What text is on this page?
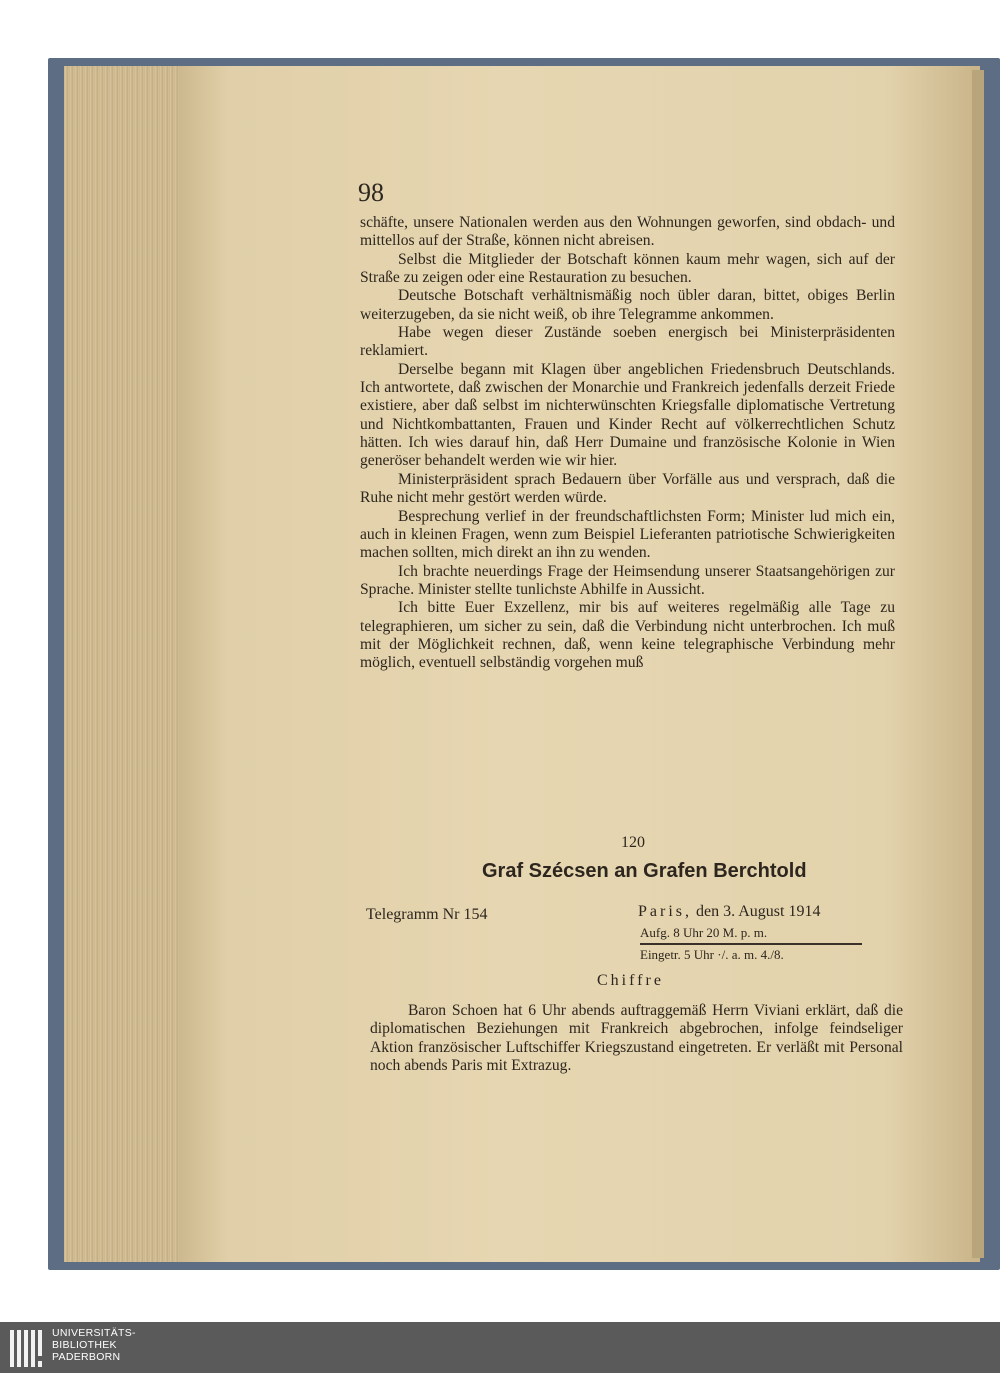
98

schäfte, unsere Nationalen werden aus den Wohnungen geworfen, sind obdach- und mittellos auf der Straße, können nicht abreisen.

Selbst die Mitglieder der Botschaft können kaum mehr wagen, sich auf der Straße zu zeigen oder eine Restauration zu besuchen.

Deutsche Botschaft verhältnismäßig noch übler daran, bittet, obiges Berlin weiterzugeben, da sie nicht weiß, ob ihre Telegramme ankommen.

Habe wegen dieser Zustände soeben energisch bei Ministerpräsidenten reklamiert.

Derselbe begann mit Klagen über angeblichen Friedensbruch Deutschlands. Ich antwortete, daß zwischen der Monarchie und Frankreich jedenfalls derzeit Friede existiere, aber daß selbst im nichterwünschten Kriegsfalle diplomatische Vertretung und Nichtkombattanten, Frauen und Kinder Recht auf völkerrechtlichen Schutz hätten. Ich wies darauf hin, daß Herr Dumaine und französische Kolonie in Wien generöser behandelt werden wie wir hier.

Ministerpräsident sprach Bedauern über Vorfälle aus und versprach, daß die Ruhe nicht mehr gestört werden würde.

Besprechung verlief in der freundschaftlichsten Form; Minister lud mich ein, auch in kleinen Fragen, wenn zum Beispiel Lieferanten patriotische Schwierigkeiten machen sollten, mich direkt an ihn zu wenden.

Ich brachte neuerdings Frage der Heimsendung unserer Staatsangehörigen zur Sprache. Minister stellte tunlichste Abhilfe in Aussicht.

Ich bitte Euer Exzellenz, mir bis auf weiteres regelmäßig alle Tage zu telegraphieren, um sicher zu sein, daß die Verbindung nicht unterbrochen. Ich muß mit der Möglichkeit rechnen, daß, wenn keine telegraphische Verbindung mehr möglich, eventuell selbständig vorgehen muß

120
Graf Szécsen an Grafen Berchtold
Telegramm Nr 154	Paris, den 3. August 1914
Aufg. 8 Uhr 20 M. p. m.
Eingetr. 5 Uhr ·/. a. m. 4./8.
Chiffre

Baron Schoen hat 6 Uhr abends auftraggemäß Herrn Viviani erklärt, daß die diplomatischen Beziehungen mit Frankreich abgebrochen, infolge feindseliger Aktion französischer Luftschiffer Kriegszustand eingetreten. Er verläßt mit Personal noch abends Paris mit Extrazug.

UNIVERSITÄTS-
BIBLIOTHEK
PADERBORN
